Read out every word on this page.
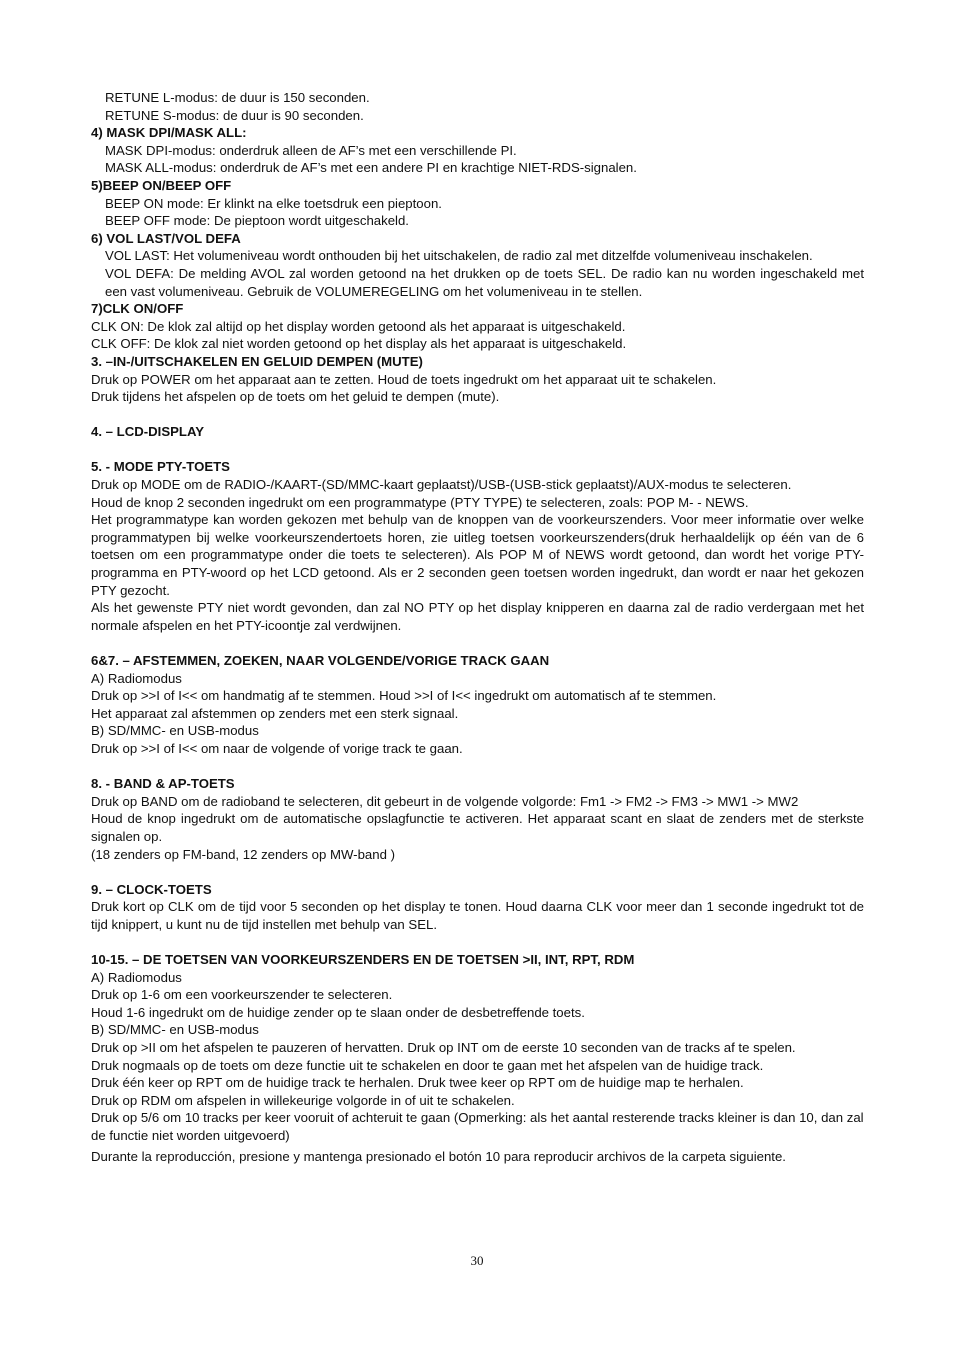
RETUNE L-modus: de duur is 150 seconden.

RETUNE S-modus: de duur is 90 seconden.

4) MASK DPI/MASK ALL:

MASK DPI-modus: onderdruk alleen de AF’s met een verschillende PI.

MASK ALL-modus: onderdruk de AF’s met een andere PI en krachtige NIET-RDS-signalen.

5)BEEP ON/BEEP OFF

BEEP ON mode: Er klinkt na elke toetsdruk een pieptoon.

BEEP OFF mode: De pieptoon wordt uitgeschakeld.

6) VOL LAST/VOL DEFA

VOL LAST: Het volumeniveau wordt onthouden bij het uitschakelen, de radio zal met ditzelfde volumeniveau inschakelen.

VOL DEFA: De melding AVOL zal worden getoond na het drukken op de toets SEL. De radio kan nu worden ingeschakeld met een vast volumeniveau. Gebruik de VOLUMEREGELING om het volumeniveau in te stellen.

7)CLK ON/OFF

CLK ON: De klok zal altijd op het display worden getoond als het apparaat is uitgeschakeld.

CLK OFF: De klok zal niet worden getoond op het display als het apparaat is uitgeschakeld.

3. –IN-/UITSCHAKELEN EN GELUID DEMPEN (MUTE)

Druk op POWER om het apparaat aan te zetten. Houd de toets ingedrukt om het apparaat uit te schakelen.

Druk tijdens het afspelen op de toets om het geluid te dempen (mute).

4. – LCD-DISPLAY

5. - MODE PTY-TOETS

Druk op MODE om de RADIO-/KAART-(SD/MMC-kaart geplaatst)/USB-(USB-stick geplaatst)/AUX-modus te selecteren.

Houd de knop 2 seconden ingedrukt om een programmatype (PTY TYPE) te selecteren, zoals: POP M- - NEWS.

Het programmatype kan worden gekozen met behulp van de knoppen van de voorkeurszenders. Voor meer informatie over welke programmatypen bij welke voorkeurszendertoets horen, zie uitleg toetsen voorkeurszenders(druk herhaaldelijk op één van de 6 toetsen om een programmatype onder die toets te selecteren). Als POP M of NEWS wordt getoond, dan wordt het vorige PTY-programma en PTY-woord op het LCD getoond. Als er 2 seconden geen toetsen worden ingedrukt, dan wordt er naar het gekozen PTY gezocht.

Als het gewenste PTY niet wordt gevonden, dan zal NO PTY op het display knipperen en daarna zal de radio verdergaan met het normale afspelen en het PTY-icoontje zal verdwijnen.

6&7. – AFSTEMMEN, ZOEKEN, NAAR VOLGENDE/VORIGE TRACK GAAN

A) Radiomodus

Druk op >>I of I<< om handmatig af te stemmen. Houd >>I of I<< ingedrukt om automatisch af te stemmen.

Het apparaat zal afstemmen op zenders met een sterk signaal.

B) SD/MMC- en USB-modus

Druk op >>I of I<< om naar de volgende of vorige track te gaan.

8. - BAND & AP-TOETS

Druk op BAND om de radioband te selecteren, dit gebeurt in de volgende volgorde: Fm1 -> FM2 -> FM3 -> MW1 -> MW2

Houd de knop ingedrukt om de automatische opslagfunctie te activeren. Het apparaat scant en slaat de zenders met de sterkste signalen op.

(18 zenders op FM-band, 12 zenders op MW-band )

9. – CLOCK-TOETS

Druk kort op CLK om de tijd voor 5 seconden op het display te tonen. Houd daarna CLK voor meer dan 1 seconde ingedrukt tot de tijd knippert, u kunt nu de tijd instellen met behulp van SEL.

10-15. – DE TOETSEN VAN VOORKEURSZENDERS EN DE TOETSEN >II, INT, RPT, RDM

A) Radiomodus

Druk op 1-6 om een voorkeurszender te selecteren.

Houd 1-6 ingedrukt om de huidige zender op te slaan onder de desbetreffende toets.

B) SD/MMC- en USB-modus

Druk op >II om het afspelen te pauzeren of hervatten. Druk op INT om de eerste 10 seconden van de tracks af te spelen.

Druk nogmaals op de toets om deze functie uit te schakelen en door te gaan met het afspelen van de huidige track.

Druk één keer op RPT om de huidige track te herhalen. Druk twee keer op RPT om de huidige map te herhalen.

Druk op RDM om afspelen in willekeurige volgorde in of uit te schakelen.

Druk op 5/6 om 10 tracks per keer vooruit of achteruit te gaan (Opmerking: als het aantal resterende tracks kleiner is dan 10, dan zal de functie niet worden uitgevoerd)

Durante la reproducción, presione y mantenga presionado el botón 10 para reproducir archivos de la carpeta siguiente.

30
